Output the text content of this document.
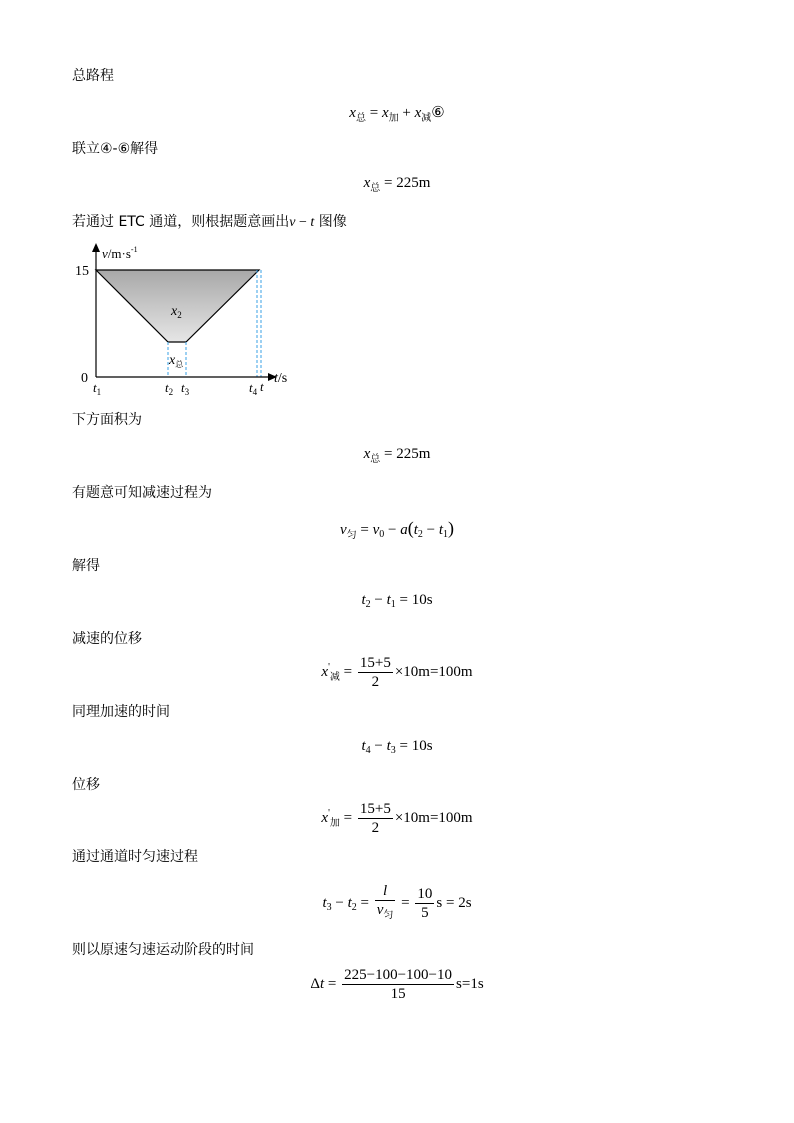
总路程
$x_总 = x_加$ + $x_减⑥$
联立④-⑥解得
$x_总 = 225m$
若通过 ETC 通道，则根据题意画出v − t 图像
$v/m\cdot s^{-1}$
15
0
$x_2$
$x_总$
$t_1$	$t_2$ $t_3$	$t_4$ t
t/s
下方面积为
$x_总 = 225m$
有题意可知减速过程为
$v_匀 = v_0 - a(t_2 - t_1)$
解得
$t_2 - t_1 = 10s$
减速的位移
$x'_减 = \frac{15+5}{2} \times 10m=100m$
同理加速的时间
$t_4 - t_3 = 10s$
位移
$x'_加 = \frac{15+5}{2} \times 10m=100m$
通过通道时匀速过程
$t_3 - t_2 = \frac{l}{v_匀} = \frac{10}{5}$ s = 2s
则以原速匀速运动阶段的时间
$\Delta t = \frac{225-100-100-10}{15} s=1s$
